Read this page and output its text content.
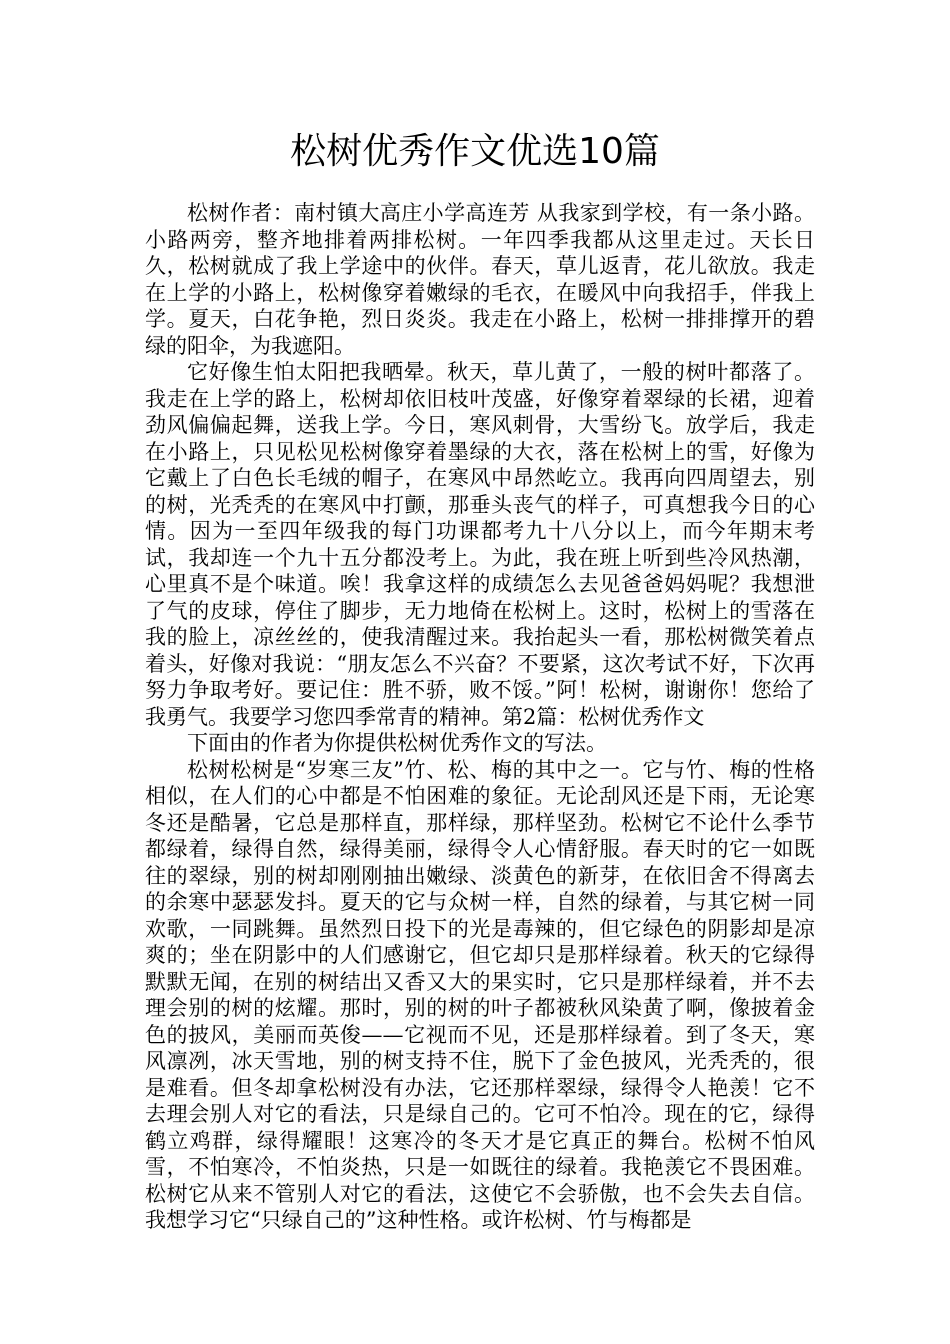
松树优秀作文优选10篇

松树作者：南村镇大高庄小学高连芳 从我家到学校，有一条小路。小路两旁，整齐地排着两排松树。一年四季我都从这里走过。天长日久，松树就成了我上学途中的伙伴。春天，草儿返青，花儿欲放。我走在上学的小路上，松树像穿着嫩绿的毛衣，在暖风中向我招手，伴我上学。夏天，白花争艳，烈日炎炎。我走在小路上，松树一排排撑开的碧绿的阳伞，为我遮阳。

它好像生怕太阳把我晒晕。秋天，草儿黄了，一般的树叶都落了。我走在上学的路上，松树却依旧枝叶茂盛，好像穿着翠绿的长裙，迎着劲风偏偏起舞，送我上学。今日，寒风刺骨，大雪纷飞。放学后，我走在小路上，只见松见松树像穿着墨绿的大衣，落在松树上的雪，好像为它戴上了白色长毛绒的帽子，在寒风中昂然屹立。我再向四周望去，别的树，光秃秃的在寒风中打颤，那垂头丧气的样子，可真想我今日的心情。因为一至四年级我的每门功课都考九十八分以上，而今年期末考试，我却连一个九十五分都没考上。为此，我在班上听到些冷风热潮，心里真不是个味道。唉！我拿这样的成绩怎么去见爸爸妈妈呢？我想泄了气的皮球，停住了脚步，无力地倚在松树上。这时，松树上的雪落在我的脸上，凉丝丝的，使我清醒过来。我抬起头一看，那松树微笑着点着头，好像对我说：“朋友怎么不兴奋？不要紧，这次考试不好，下次再努力争取考好。要记住：胜不骄，败不馁。”阿！松树，谢谢你！您给了我勇气。我要学习您四季常青的精神。第2篇：松树优秀作文

下面由的作者为你提供松树优秀作文的写法。

松树松树是“岁寒三友”竹、松、梅的其中之一。它与竹、梅的性格相似，在人们的心中都是不怕困难的象征。无论刮风还是下雨，无论寒冬还是酷暑，它总是那样直，那样绿，那样坚劲。松树它不论什么季节都绿着，绿得自然，绿得美丽，绿得令人心情舒服。春天时的它一如既往的翠绿，别的树却刚刚抽出嫩绿、淡黄色的新芽，在依旧舍不得离去的余寒中瑟瑟发抖。夏天的它与众树一样，自然的绿着，与其它树一同欢歌，一同跳舞。虽然烈日投下的光是毒辣的，但它绿色的阴影却是凉爽的；坐在阴影中的人们感谢它，但它却只是那样绿着。秋天的它绿得默默无闻，在别的树结出又香又大的果实时，它只是那样绿着，并不去理会别的树的炫耀。那时，别的树的叶子都被秋风染黄了啊，像披着金色的披风，美丽而英俊——它视而不见，还是那样绿着。到了冬天，寒风凛冽，冰天雪地，别的树支持不住，脱下了金色披风，光秃秃的，很是难看。但冬却拿松树没有办法，它还那样翠绿，绿得令人艳羡！它不去理会别人对它的看法，只是绿自己的。它可不怕冷。现在的它，绿得鹤立鸡群，绿得耀眼！这寒冷的冬天才是它真正的舞台。松树不怕风雪，不怕寒冷，不怕炎热，只是一如既往的绿着。我艳羡它不畏困难。松树它从来不管别人对它的看法，这使它不会骄傲，也不会失去自信。我想学习它“只绿自己的”这种性格。或许松树、竹与梅都是
